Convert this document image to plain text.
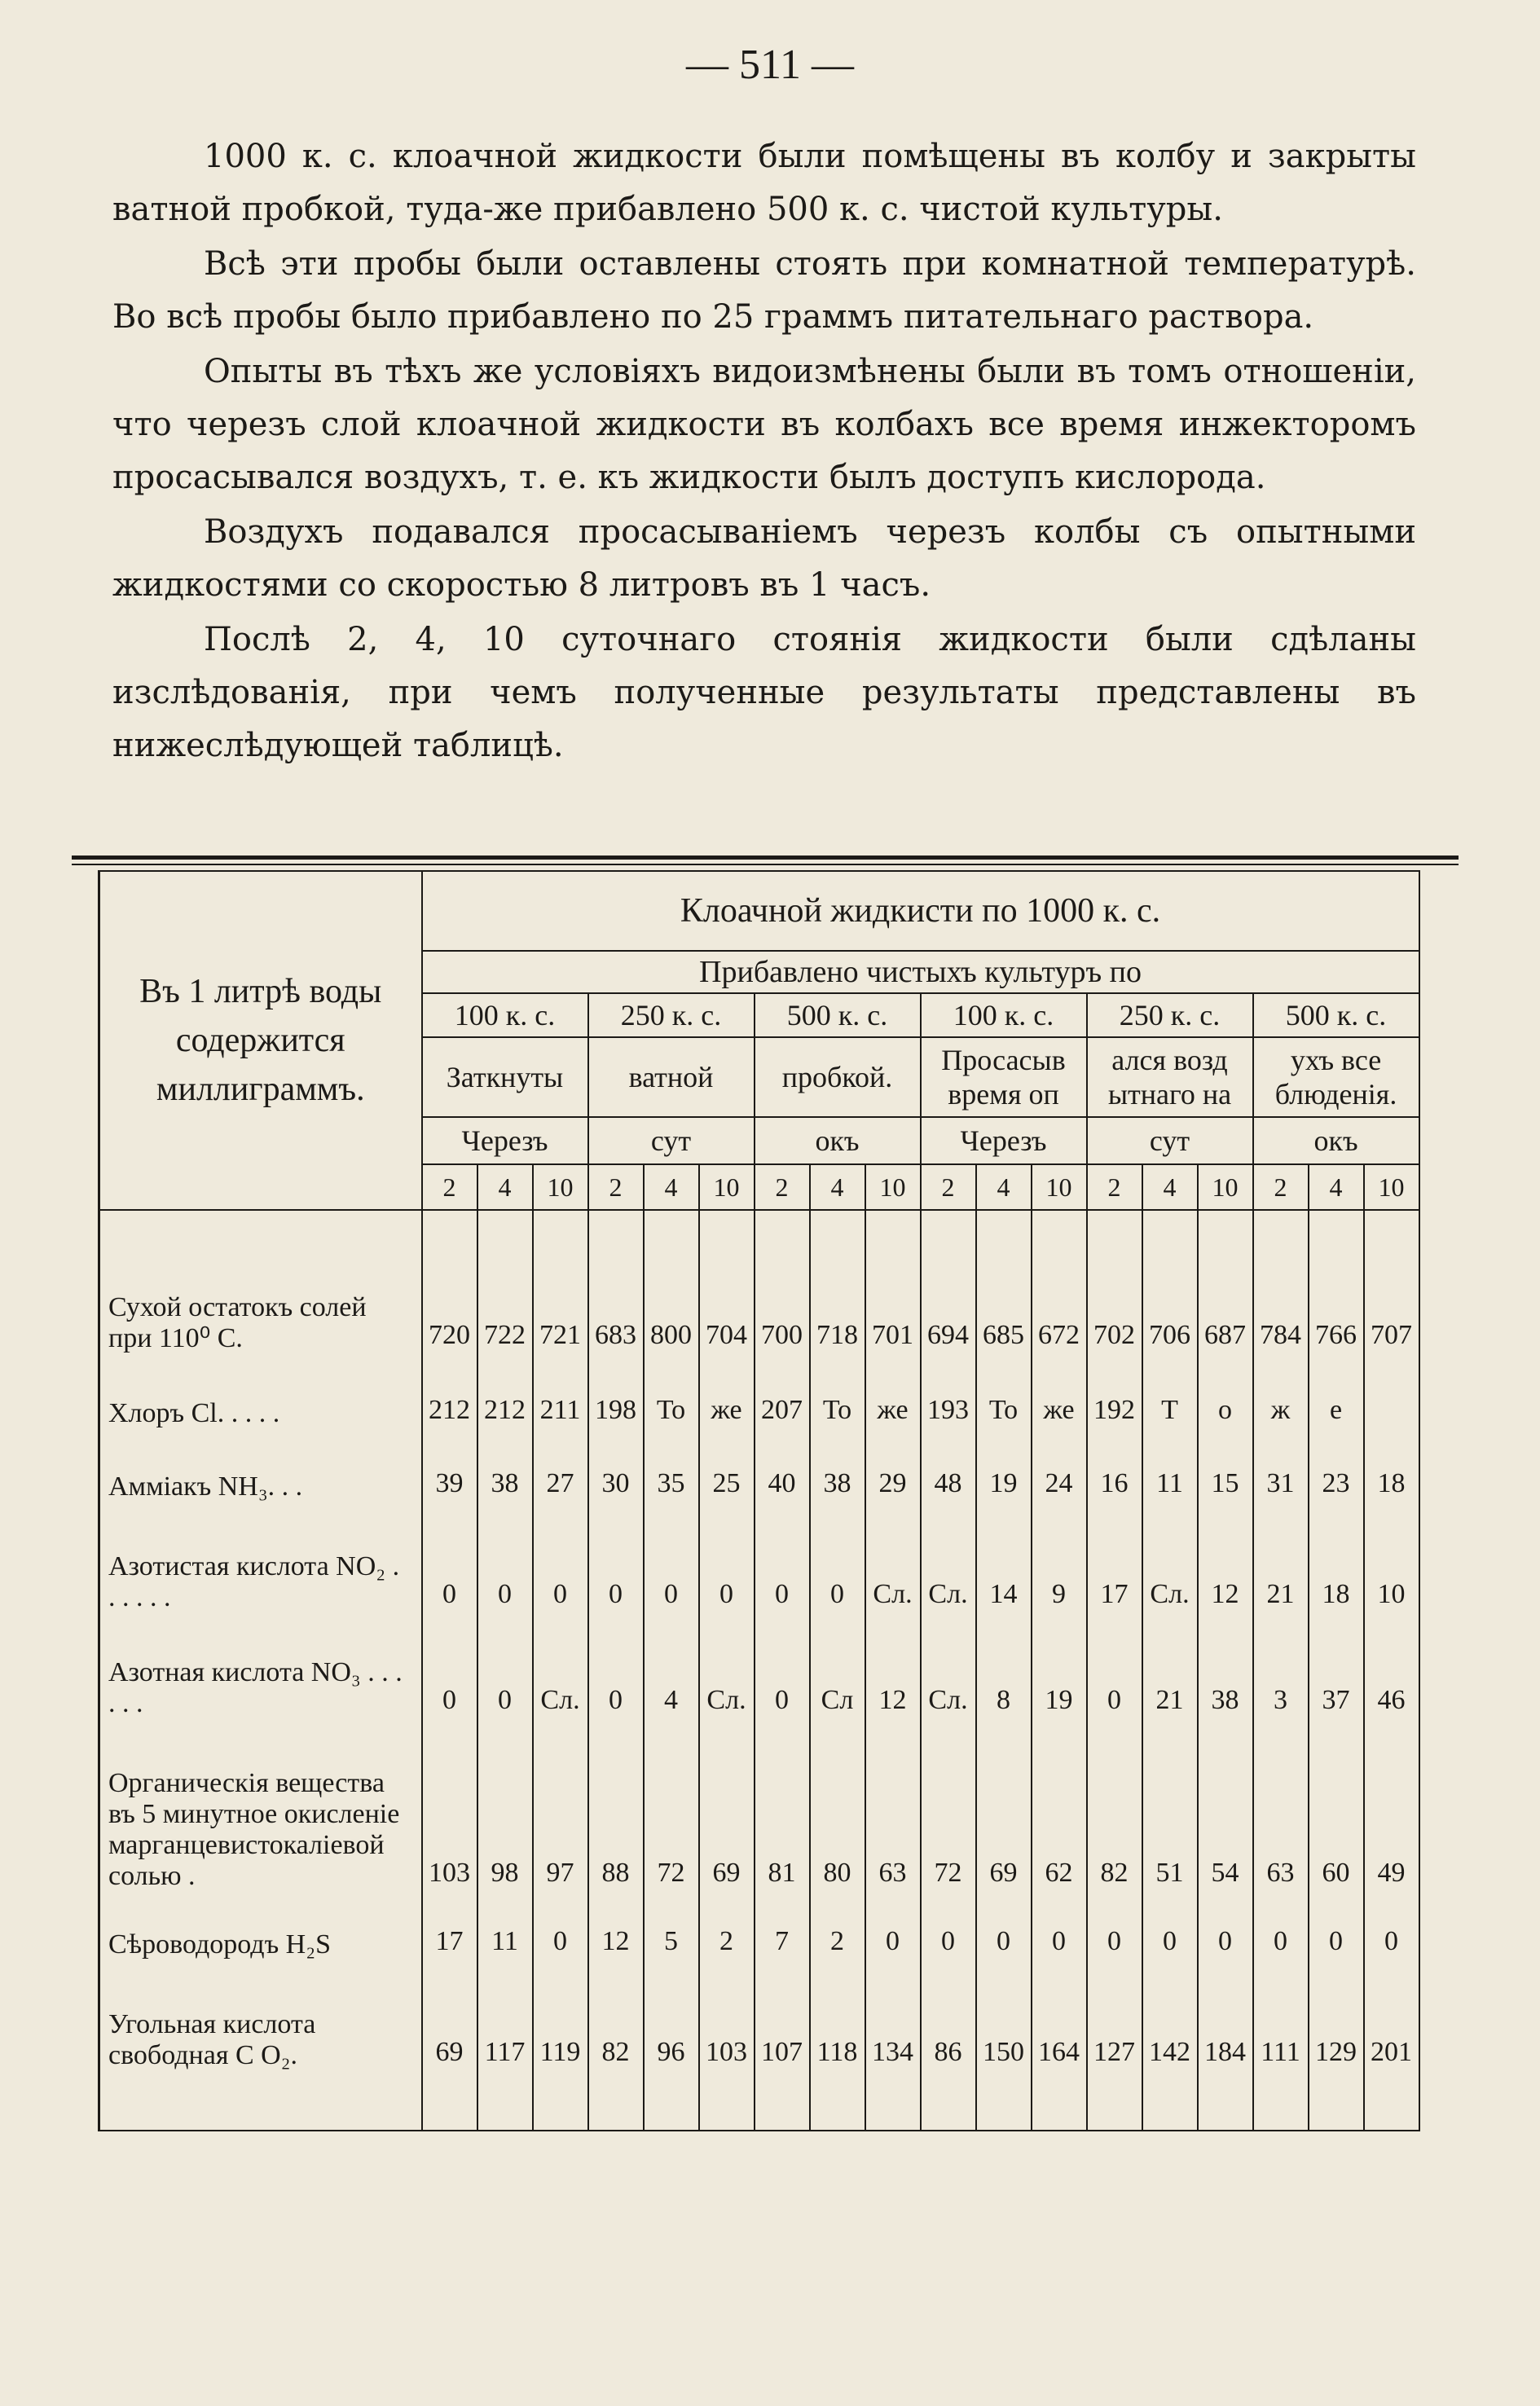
— 511 —

1000 к. с. клоачной жидкости были помѣщены въ колбу и закрыты ватной пробкой, туда-же прибавлено 500 к. с. чистой культуры.

Всѣ эти пробы были оставлены стоять при комнатной температурѣ. Во всѣ пробы было прибавлено по 25 граммъ питательнаго раствора.

Опыты въ тѣхъ же условіяхъ видоизмѣнены были въ томъ отношеніи, что черезъ слой клоачной жидкости въ колбахъ все время инжекторомъ просасывался воздухъ, т. е. къ жидкости былъ доступъ кислорода.

Воздухъ подавался просасываніемъ черезъ колбы съ опытными жидкостями со скоростью 8 литровъ въ 1 часъ.

Послѣ 2, 4, 10 суточнаго стоянія жидкости были сдѣланы изслѣдованія, при чемъ полученные результаты представлены въ нижеслѣдующей таблицѣ.

Въ 1 литрѣ воды содержится миллиграммъ.	Клоачной жидкисти по 1000 к. с.																	
	Прибавлено чистыхъ культуръ по																	
	100 к. с.			250 к. с.			500 к. с.			100 к. с.			250 к. с.			500 к. с.		
	Заткнуты			ватной			пробкой.			Просасыв время оп			ался возд ытнаго на			ухъ все блюденія.		
	Черезъ			сут			окъ			Черезъ			сут			окъ		
	2	4	10	2	4	10	2	4	10	2	4	10	2	4	10	2	4	10

Сухой остатокъ солей при 110⁰ С.	720	722	721	683	800	704	700	718	701	694	685	672	702	706	687	784	766	707
Хлоръ Cl. . . . .	212	212	211	198	То	же	207	То	же	193	То	же	192	Т	о	ж	е	
Амміакъ NH₃. . .	39	38	27	30	35	25	40	38	29	48	19	24	16	11	15	31	23	18
Азотистая кислота NO₂ . . . . . .	0	0	0	0	0	0	0	0	Сл.	Сл.	14	9	17	Сл.	12	21	18	10
Азотная кислота NO₃ . . . . . .	0	0	Сл.	0	4	Сл.	0	Сл	12	Сл.	8	19	0	21	38	3	37	46
Органическія вещества въ 5 минутное окисленіе марганцевистокаліевой солью .	103	98	97	88	72	69	81	80	63	72	69	62	82	51	54	63	60	49
Сѣроводородъ H₂S	17	11	0	12	5	2	7	2	0	0	0	0	0	0	0	0	0	0
Угольная кислота свободная C O₂.	69	117	119	82	96	103	107	118	134	86	150	164	127	142	184	111	129	201
